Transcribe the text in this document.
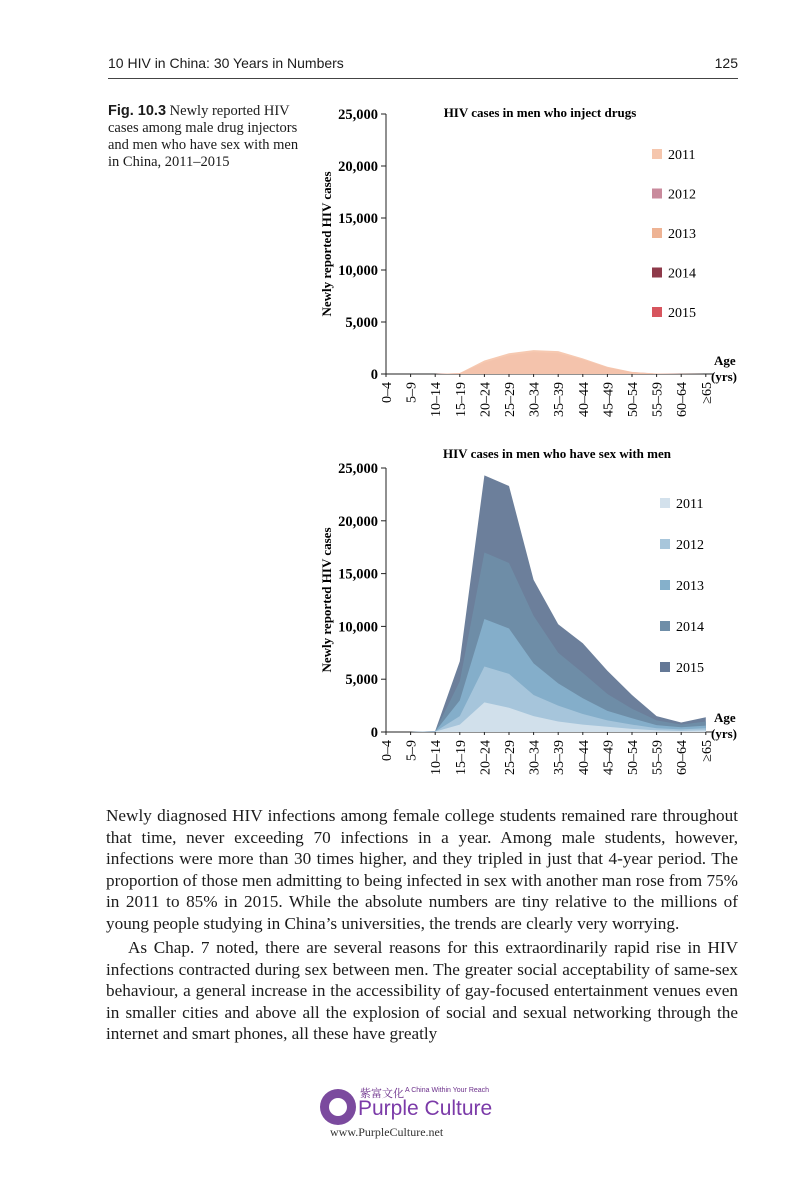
10 HIV in China: 30 Years in Numbers	125
Fig. 10.3 Newly reported HIV cases among male drug injectors and men who have sex with men in China, 2011–2015
HIV cases in men who inject drugs
Newly reported HIV cases
0
5,000
10,000
15,000
20,000
25,000
0–4 5–9 10–14 15–19 20–24 25–29 30–34 35–39 40–44 45–49 50–54 55–59 60–64 ≥65
Age
(yrs)
2011
2012
2013
2014
2015
HIV cases in men who have sex with men
Newly reported HIV cases
0
5,000
10,000
15,000
20,000
25,000
0–4 5–9 10–14 15–19 20–24 25–29 30–34 35–39 40–44 45–49 50–54 55–59 60–64 ≥65
Age
(yrs)
2011
2012
2013
2014
2015

Newly diagnosed HIV infections among female college students remained rare throughout that time, never exceeding 70 infections in a year. Among male students, however, infections were more than 30 times higher, and they tripled in just that 4-year period. The proportion of those men admitting to being infected in sex with another man rose from 75% in 2011 to 85% in 2015. While the absolute numbers are tiny relative to the millions of young people studying in China’s universities, the trends are clearly very worrying.

As Chap. 7 noted, there are several reasons for this extraordinarily rapid rise in HIV infections contracted during sex between men. The greater social acceptability of same-sex behaviour, a general increase in the accessibility of gay-focused entertainment venues even in smaller cities and above all the explosion of social and sexual networking through the internet and smart phones, all these have greatly

紫富文化 A China Within Your Reach
Purple Culture
www.PurpleCulture.net
